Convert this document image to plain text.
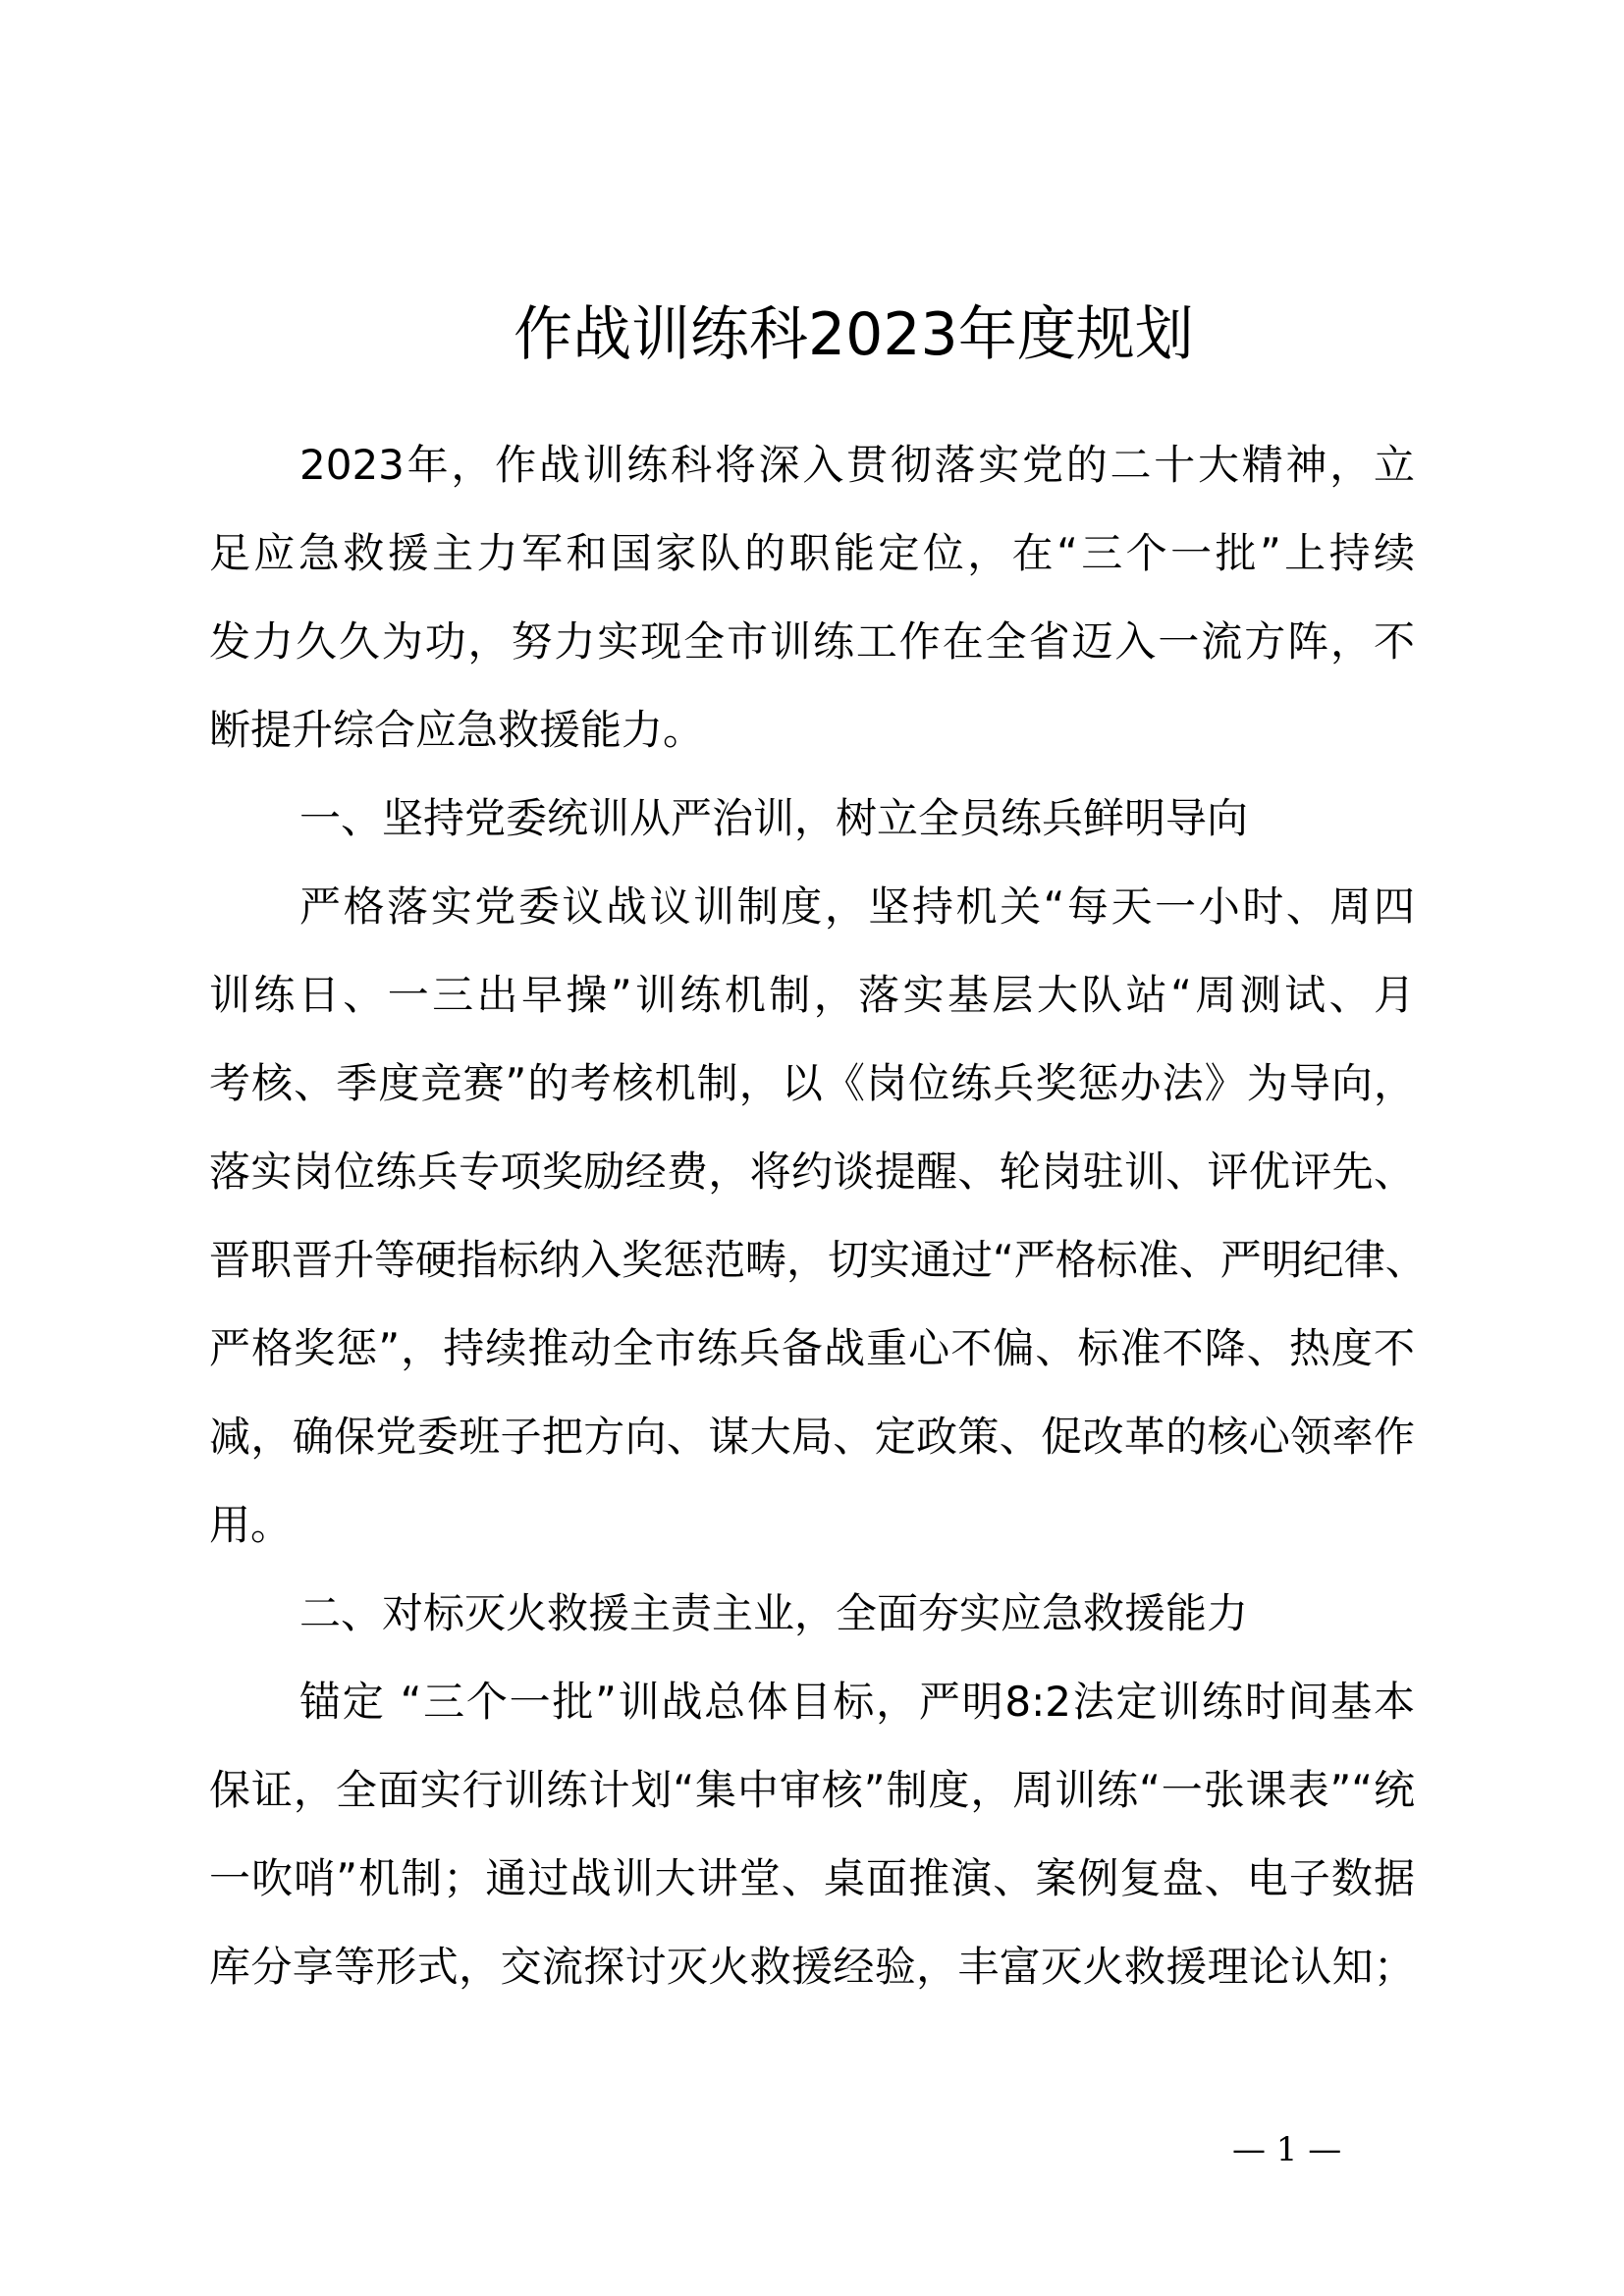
作战训练科2023年度规划
2023年，作战训练科将深入贯彻落实党的二十大精神，立
足应急救援主力军和国家队的职能定位，在“三个一批”上持续
发力久久为功，努力实现全市训练工作在全省迈入一流方阵，不
断提升综合应急救援能力。
一、坚持党委统训从严治训，树立全员练兵鲜明导向
严格落实党委议战议训制度，坚持机关“每天一小时、周四
训练日、一三出早操”训练机制，落实基层大队站“周测试、月
考核、季度竞赛”的考核机制，以《岗位练兵奖惩办法》为导向，
落实岗位练兵专项奖励经费，将约谈提醒、轮岗驻训、评优评先、
晋职晋升等硬指标纳入奖惩范畴，切实通过“严格标准、严明纪律、
严格奖惩”，持续推动全市练兵备战重心不偏、标准不降、热度不
减，确保党委班子把方向、谋大局、定政策、促改革的核心领率作
用。
二、对标灭火救援主责主业，全面夯实应急救援能力
锚定 “三个一批”训战总体目标，严明8:2法定训练时间基本
保证，全面实行训练计划“集中审核”制度，周训练“一张课表”“统
一吹哨”机制；通过战训大讲堂、桌面推演、案例复盘、电子数据
库分享等形式，交流探讨灭火救援经验，丰富灭火救援理论认知；
— 1 —
